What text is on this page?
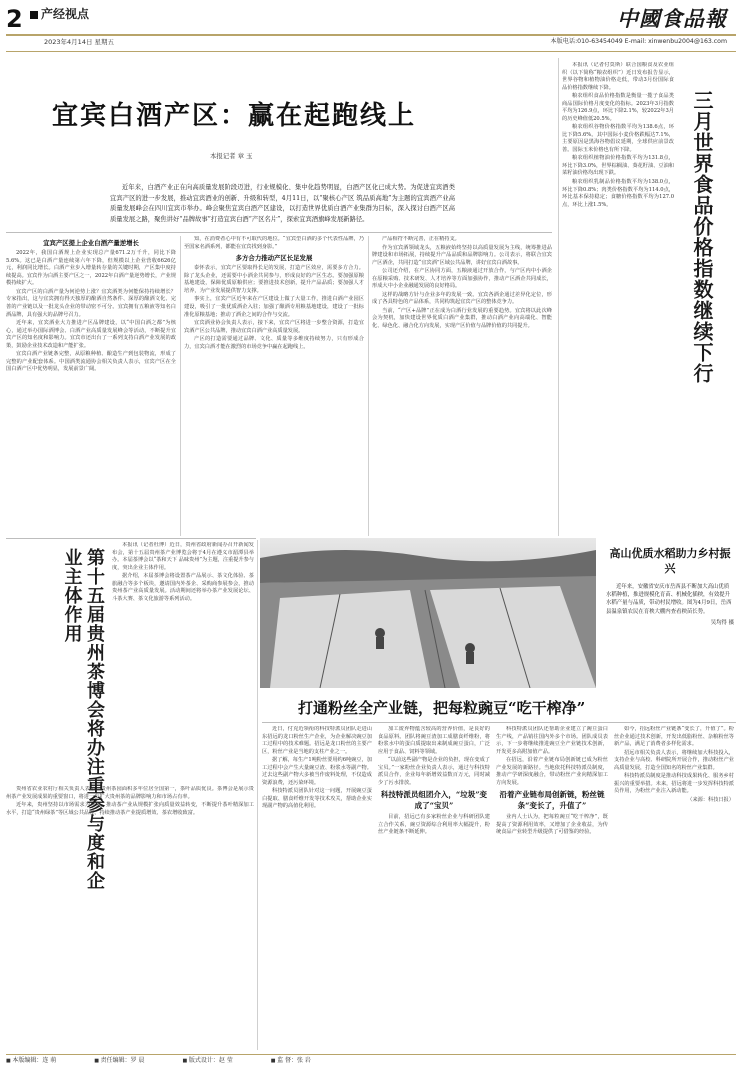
2	产经视点	中國食品報
2023年4月14日 星期五	本版电话:010-63454049 E-mail: xinwenbu2004@163.com
宜宾白酒产区：赢在起跑线上
本报记者 章 玉
近年来，白酒产业正在向高质量发展阶段迈进，行业规模化、集中化趋势明显，白酒产区化已成大势。为促进宜宾酒类宜宾产区的进一步发展，推动宜宾酒业的创新、升级和转型，4月11日，以“聚核心产区 筑品质高地”为主题的宜宾酒产业高质量发展峰会在四川宜宾市举办。峰会聚焦宜宾白酒产区建设，以打造世界优质白酒产业集群为目标，深入探讨白酒产区高质量发展之路，聚焦讲好“品牌故事”打造宜宾白酒“产区名片”，探索宜宾酒旗峰发展新路径。
宜宾产区提上企业白酒产量逆增长

2022年，我国白酒规上企业实现总产量671.2万千升，同比下降5.6%。这已是白酒产量连续第六年下降，但规模以上企业营收6626亿元，利润同比增长。白酒产业步入增量转存量的关键时期，产区集中度持续提高。宜宾作为白酒主要产区之一，2022年白酒产量逆势增长，产业规模持续扩大。

宜宾产区的白酒产量为何逆势上涨？宜宾酒类为何能保持持续增长？专家指出，这与宜宾拥有得天独厚的酿酒自然条件、深厚的酿酒文化、完善的产业链以及一批龙头企业的带动密不可分。宜宾拥有五粮液等知名白酒品牌，具有强大的品牌号召力。

近年来，宜宾酒业大力推进产区品牌建设，以“中国白酒之都”为核心，通过举办国际酒博会、白酒产业高质量发展峰会等活动，不断提升宜宾产区的知名度和影响力。宜宾市还出台了一系列支持白酒产业发展的政策，鼓励企业技术改造和产能扩张。

宜宾白酒产业链条完整，从原粮种植、酿造生产到包装物流，形成了完整的产业配套体系。中国酒类流通协会相关负责人表示，宜宾产区在全国白酒产区中优势明显，发展前景广阔。

知，在消费者心中有不可取代的地位。“宜宾型白酒的多个代表性品牌，乃至国家名酒系列，都能在宜宾找到身影。”

多方合力推动产区长足发展

泰怀表示，宜宾产区要取得长足的发展，打造产区效应，需要多方合力。除了龙头企业，还需要中小酒企共同参与，形成良好的产区生态。要加强原粮基地建设，保障优质原粮供应；要推进技术创新，提升产品品质；要加强人才培养，为产业发展提供智力支撑。

事实上，宜宾产区近年来在产区建设上做了大量工作，推进白酒产业园区建设，吸引了一批优质酒企入驻；加强了酿酒专用粮基地建设，建设了一批标准化原粮基地；推动了酒企之间的合作与交流。

宜宾酒业协会负责人表示，接下来，宜宾产区将进一步整合资源，打造宜宾酒产区公共品牌，推动宜宾白酒产业高质量发展。

产区的打造需要通过品牌、文化、质量等多维度持续努力，只有形成合力，宜宾白酒才能在激烈的市场竞争中赢在起跑线上。

产品相符不断完善，正在精持支。

作为宜宾酒领域龙头，五粮液始终坚持以高质量发展为主线，统筹推进品牌建设和市场拓展，持续提升产品品质和品牌影响力。公司表示，将联合宜宾产区酒企，共同打造“宜宾酒”区域公共品牌，讲好宜宾白酒故事。

公司还介绍，在产区协同方面，五粮液通过开放合作，与产区内中小酒企在原粮采购、技术研发、人才培养等方面加强协作，推动产区酒企共同成长，形成大中小企业融通发展的良好格局。

这样的战略方针与企业多年的发展一致。宜宾各酒企通过差异化定位，形成了各具特色的产品体系，共同构筑起宜宾产区的整体竞争力。

当前，“产区+品牌”正在成为白酒行业发展的重要趋势。宜宾将以此次峰会为契机，加快建设世界优质白酒产业集群，推动白酒产业向高端化、智能化、绿色化、融合化方向发展，实现产区价值与品牌价值的共同提升。

本报讯（记者付莫斯）联合国粮食及农业组织（以下简称“粮农组织”）近日发布报告显示，世界谷物和植物油价格走低，带动3月份国际食品价格指数继续下降。

粮农组织食品价格指数是衡量一揽子食品类商品国际价格月度变化的指标。2023年3月指数平均为126.9点，环比下降2.1%，较2022年3月的历史峰值低20.5%。

粮农组织谷物价格指数平均为138.6点，环比下降5.6%。其中国际小麦价格跌幅达7.1%，主要原因是黑海谷物倡议延期，全球供应前景改善。国际玉米价格也有所下降。

粮农组织植物油价格指数平均为131.8点，环比下降3.0%，世界棕榈油、葵花籽油、豆油和菜籽油价格均出现下跌。

粮农组织乳制品价格指数平均为138.0点，环比下降0.8%；肉类价格指数平均为114.0点，环比基本保持稳定；食糖价格指数平均为127.0点，环比上涨1.5%。	三月世界食品价格指数继续下行
第十五届贵州茶博会将办注重参与度和企业主体作用

本报讯（记者杜博）近日，贵州省政府新闻办召开新闻发布会，第十五届贵州茶产业博览会将于4月在遵义市湄潭县举办。本届茶博会以“茶和天下 品味贵州”为主题，注重提升参与度，突出企业主体作用。

据介绍，本届茶博会将设置茶产品展示、茶文化体验、茶旅融合等多个板块，邀请国内外茶企、采购商参展参会，推动贵州茶产业高质量发展。活动期间还将举办茶产业发展论坛、斗茶大赛、茶文化旅游等系列活动。

贵州省农业农村厅相关负责人表示，贵州茶园面积多年位居全国第一，茶叶品质优良。茶博会是展示贵州茶产业发展成果的重要窗口，将进一步扩大贵州茶的品牌影响力和市场占有率。

近年来，贵州坚持以市场需求为导向，推动茶产业从规模扩张向质量效益转变，不断提升茶叶精深加工水平，打造“贵州绿茶”等区域公共品牌，持续推动茶产业提质增效、茶农增收致富。

高山优质水稻助力乡村振兴
近年来，安徽省安庆市岳西县不断加大高山优质水稻种植，推进规模化育苗、机械化插秧，有效提升水稻产量与品质，带动村民增收。图为4月9日，岳西县温泉镇农民在育秧大棚内查看秧苗长势。
吴均得 摄
打通粉丝全产业链，把每粒豌豆“吃干榨净”

近日，付克近领衔的科技特派员团队走进山东招远的龙口粉丝生产企业，为企业解决豌豆加工过程中的技术难题。招远是龙口粉丝的主要产区，粉丝产业是当地的支柱产业之一。

据了解，每生产1吨粉丝要用约6吨豌豆，加工过程中会产生大量豌豆渣、粉浆水等副产物。过去这些副产物大多被当作废料处理，不仅造成资源浪费，还污染环境。

科技特派员团队针对这一问题，开展豌豆蛋白提取、膳食纤维开发等技术攻关，帮助企业实现副产物的高值化利用。

加工废弃物蕴含较高的营养价值，是良好的食品原料。团队将豌豆渣加工成膳食纤维粉，将粉浆水中的蛋白质提取出来制成豌豆蛋白，广泛应用于食品、饲料等领域。

“以前这些副产物是企业的负担，现在变成了宝贝。”一家粉丝企业负责人表示，通过与科技特派员合作，企业每年新增效益数百万元，同时减少了污水排放。

科技特派员组团介入，“垃圾”变成了“宝贝”

目前，招远已有多家粉丝企业与科研团队建立合作关系，豌豆资源综合利用率大幅提升，粉丝产业链条不断延伸。

科技特派员团队还帮助企业建立了豌豆蛋白生产线，产品销往国内外多个市场。团队成员表示，下一步将继续推进豌豆全产业链技术创新，开发更多高附加值产品。

在招远，沿着产业链布局创新链已成为粉丝产业发展的新路径。当地依托科技特派员制度，推动产学研深度融合，带动粉丝产业向精深加工方向发展。

沿着产业链布局创新链，粉丝链条“变长了，升值了”

业内人士认为，把每粒豌豆“吃干榨净”，既提高了资源利用效率，又增加了企业收益，为传统食品产业转型升级提供了可借鉴的经验。

如今，招远粉丝产业链条“变长了，升值了”。粉丝企业通过技术创新，开发出低脂粉丝、杂粮粉丝等新产品，满足了消费者多样化需求。

招远市相关负责人表示，将继续加大科技投入，支持企业与高校、科研院所开展合作，推动粉丝产业高质量发展，打造全国知名的粉丝产业集群。

科技特派员制度是推动科技成果转化、服务乡村振兴的重要举措。未来，招远将进一步发挥科技特派员作用，为粉丝产业注入新动能。

（来源：科技日报）

■ 本版编辑：连 萌	■ 责任编辑：罗 晨	■ 版式设计：赵 莹	■ 监 督：张 岩
